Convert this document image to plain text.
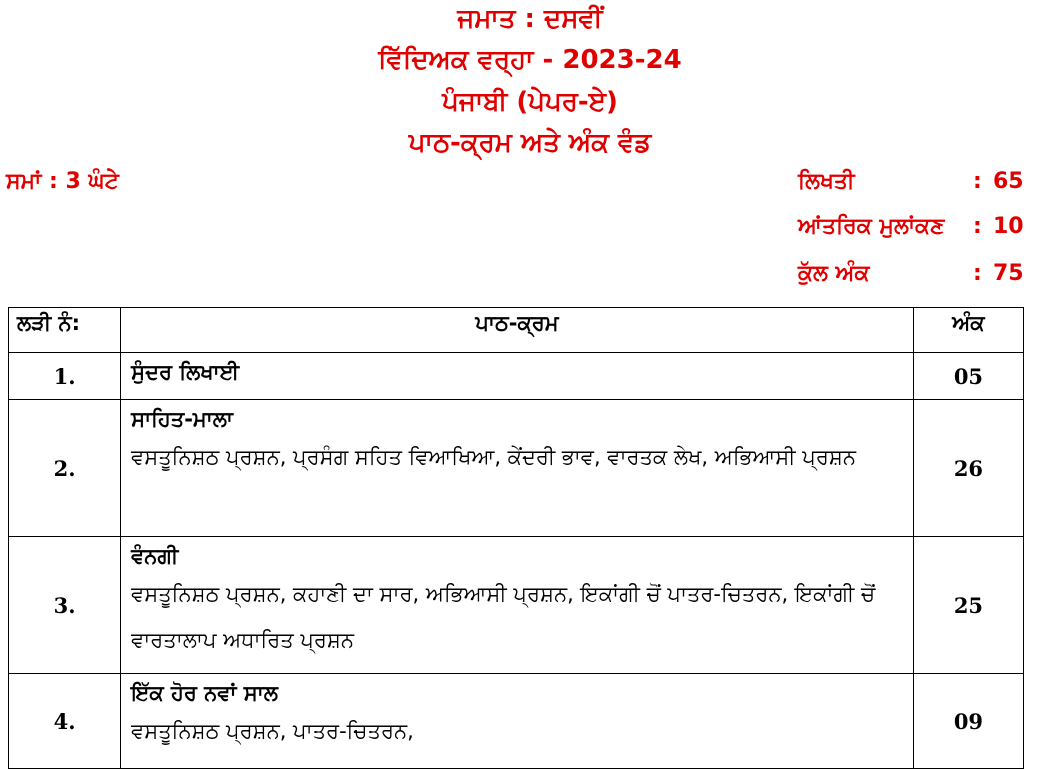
ਜਮਾਤ : ਦਸਵੀਂ
ਵਿੱਦਿਅਕ ਵਰ੍ਹਾ - 2023-24
ਪੰਜਾਬੀ (ਪੇਪਰ-ਏ)
ਪਾਠ-ਕ੍ਰਮ ਅਤੇ ਅੰਕ ਵੰਡ
ਸਮਾਂ : 3 ਘੰਟੇ	ਲਿਖਤੀ	: 65
ਆਂਤਰਿਕ ਮੁਲਾਂਕਣ : 10
ਕੁੱਲ ਅੰਕ	: 75
ਲੜੀ ਨੰ:	ਪਾਠ-ਕ੍ਰਮ	ਅੰਕ
1.	ਸੁੰਦਰ ਲਿਖਾਈ	05
2.	ਸਾਹਿਤ-ਮਾਲਾ
ਵਸਤੂਨਿਸ਼ਠ ਪ੍ਰਸ਼ਨ, ਪ੍ਰਸੰਗ ਸਹਿਤ ਵਿਆਖਿਆ, ਕੇਂਦਰੀ ਭਾਵ, ਵਾਰਤਕ ਲੇਖ, ਅਭਿਆਸੀ ਪ੍ਰਸ਼ਨ	26
3.	ਵੰਨਗੀ
ਵਸਤੂਨਿਸ਼ਠ ਪ੍ਰਸ਼ਨ, ਕਹਾਣੀ ਦਾ ਸਾਰ, ਅਭਿਆਸੀ ਪ੍ਰਸ਼ਨ, ਇਕਾਂਗੀ ਚੋਂ ਪਾਤਰ-ਚਿਤਰਨ, ਇਕਾਂਗੀ ਚੋਂ ਵਾਰਤਾਲਾਪ ਅਧਾਰਿਤ ਪ੍ਰਸ਼ਨ	25
4.	ਇੱਕ ਹੋਰ ਨਵਾਂ ਸਾਲ
ਵਸਤੂਨਿਸ਼ਠ ਪ੍ਰਸ਼ਨ, ਪਾਤਰ-ਚਿਤਰਨ,	09
